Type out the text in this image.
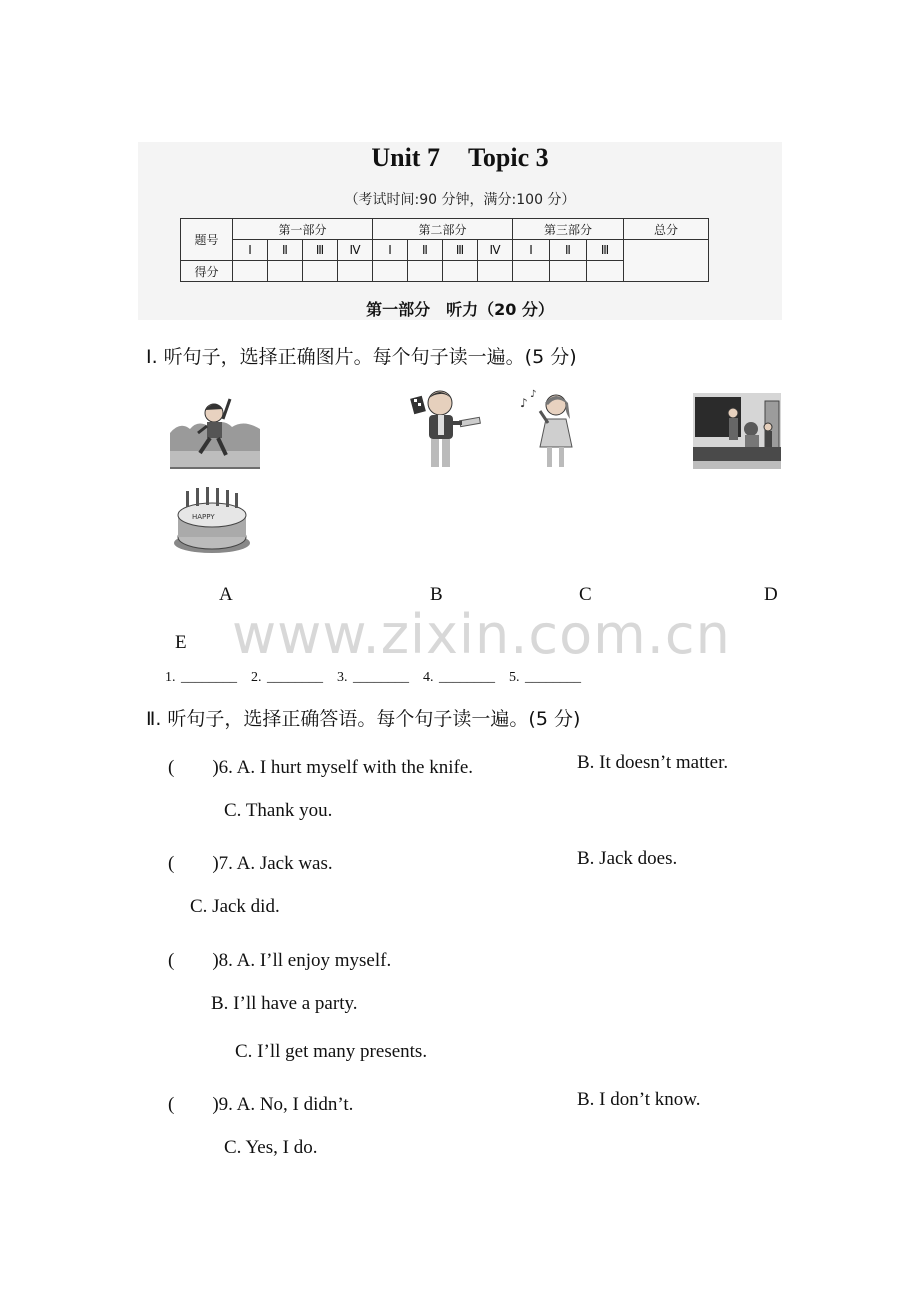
Unit 7 Topic 3
（考试时间:90 分钟，满分:100 分）
题号	第一部分				第二部分				第三部分			总分
	Ⅰ	Ⅱ	Ⅲ	Ⅳ	Ⅰ	Ⅱ	Ⅲ	Ⅳ	Ⅰ	Ⅱ	Ⅲ	
得分												
第一部分　听力（20 分）
Ⅰ. 听句子，选择正确图片。每个句子读一遍。(5 分)
♪
♪
HAPPY
A	B	C	D
E www.zixin.com.cn
1. ________ 2. ________ 3. ________ 4. ________ 5. ________
Ⅱ. 听句子，选择正确答语。每个句子读一遍。(5 分)
(　　)6. A. I hurt myself with the knife.	B. It doesn’t matter.
C. Thank you.
(　　)7. A. Jack was.	B. Jack does.
C. Jack did.
(　　)8. A. I’ll enjoy myself.
B. I’ll have a party.
C. I’ll get many presents.
(　　)9. A. No, I didn’t.	B. I don’t know.
C. Yes, I do.
